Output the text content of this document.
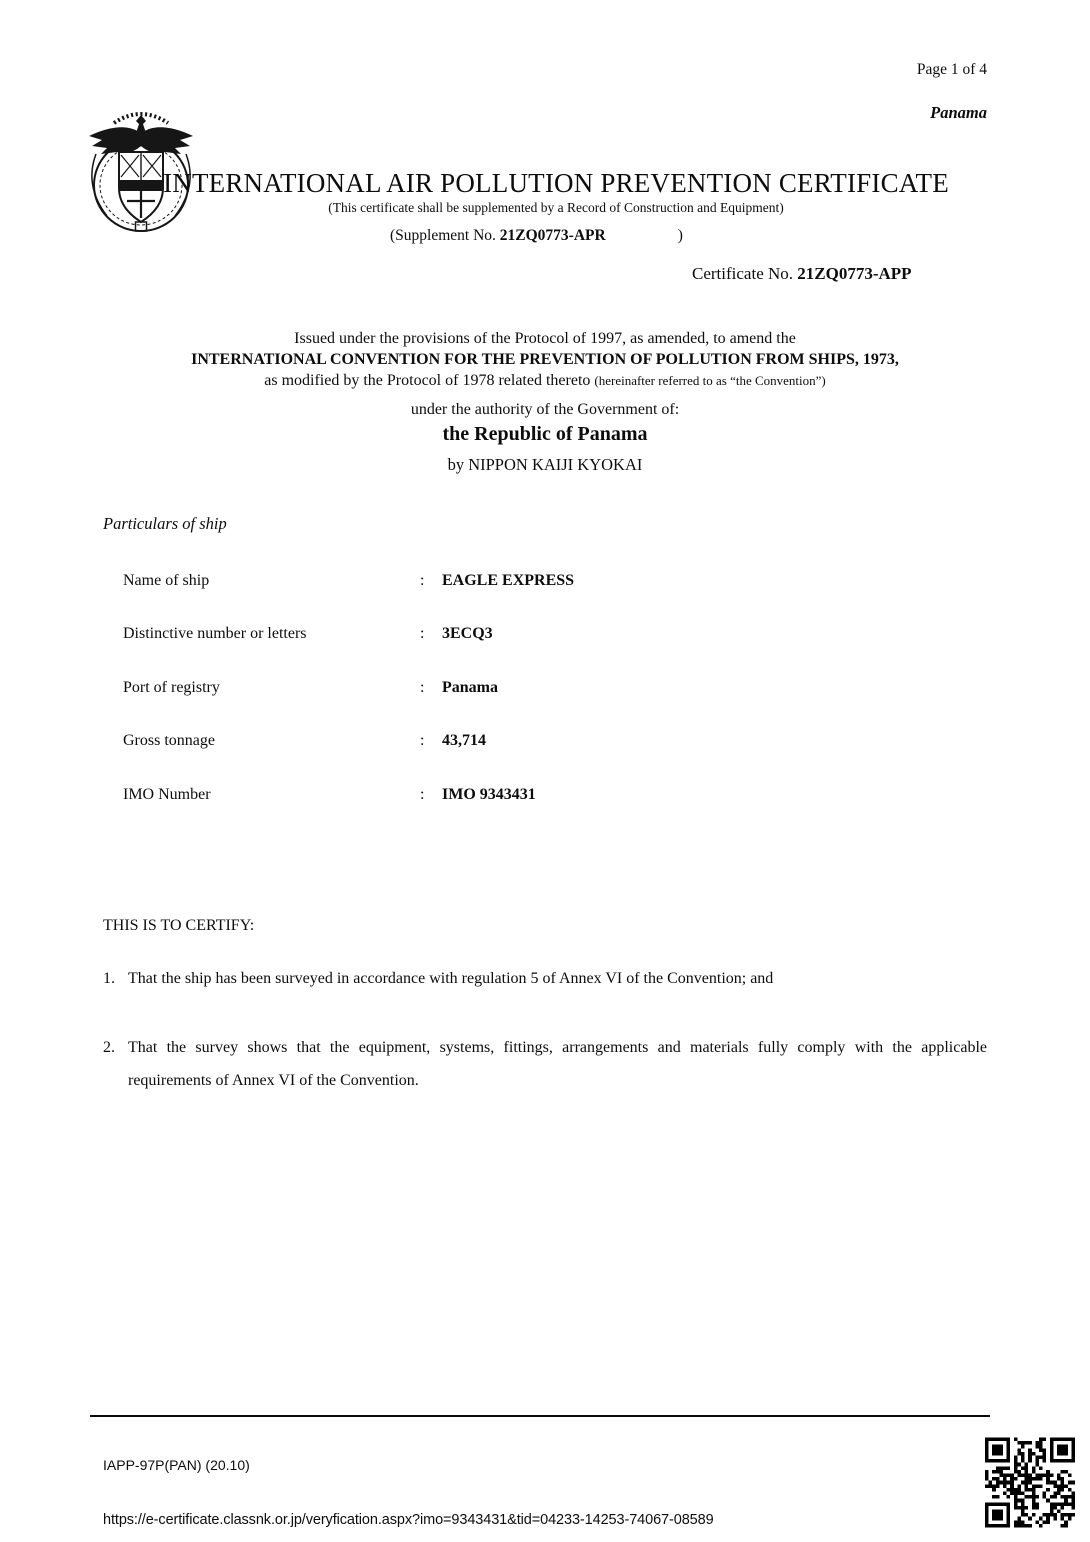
Page 1 of 4
Panama
INTERNATIONAL AIR POLLUTION PREVENTION CERTIFICATE
(This certificate shall be supplemented by a Record of Construction and Equipment)
(Supplement No. 21ZQ0773-APR	)
Certificate No. 21ZQ0773-APP
Issued under the provisions of the Protocol of 1997, as amended, to amend the
INTERNATIONAL CONVENTION FOR THE PREVENTION OF POLLUTION FROM SHIPS, 1973,
as modified by the Protocol of 1978 related thereto (hereinafter referred to as “the Convention”)
under the authority of the Government of:
the Republic of Panama
by NIPPON KAIJI KYOKAI
Particulars of ship
Name of ship	:	EAGLE EXPRESS
Distinctive number or letters	:	3ECQ3
Port of registry	:	Panama
Gross tonnage	:	43,714
IMO Number	:	IMO 9343431
THIS IS TO CERTIFY:
1. That the ship has been surveyed in accordance with regulation 5 of Annex VI of the Convention; and
2. That the survey shows that the equipment, systems, fittings, arrangements and materials fully comply with the applicable requirements of Annex VI of the Convention.
IAPP-97P(PAN) (20.10)
https://e-certificate.classnk.or.jp/veryfication.aspx?imo=9343431&tid=04233-14253-74067-08589
